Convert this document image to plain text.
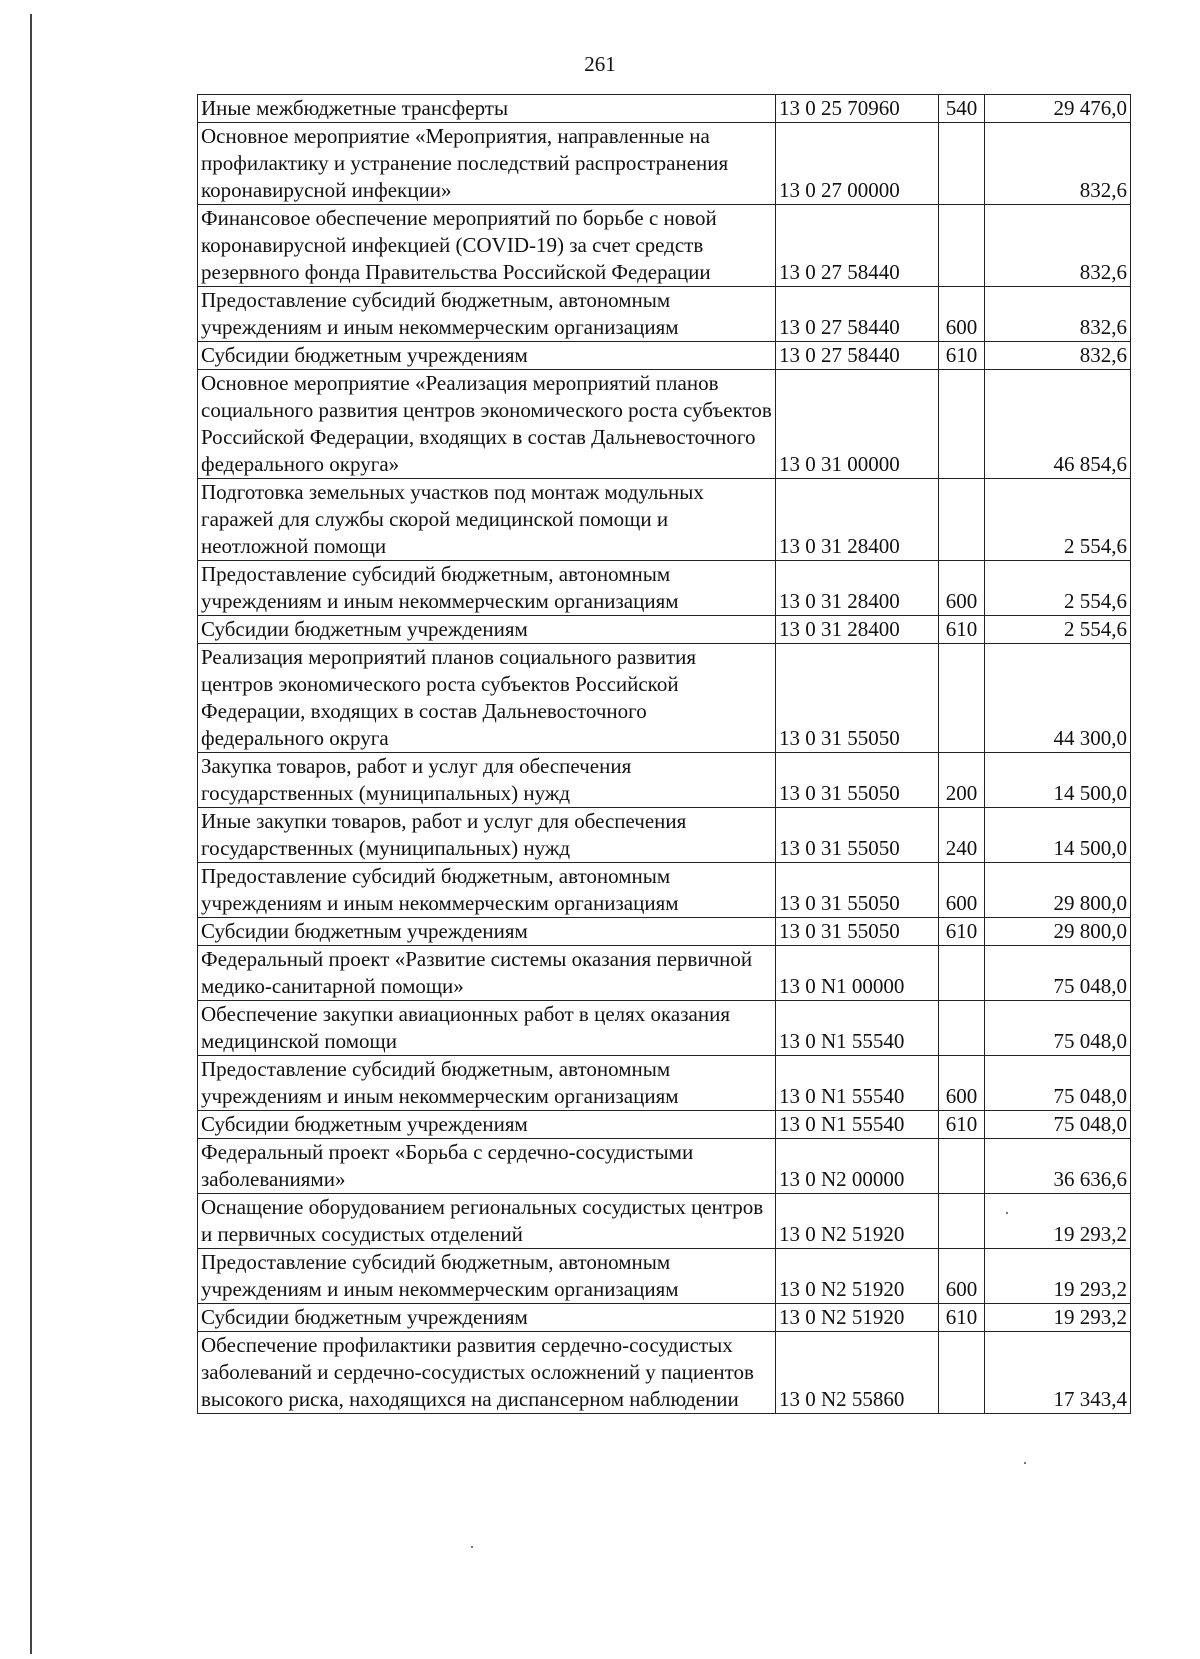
261
Иные межбюджетные трансферты	13 0 25 70960	540	29 476,0
Основное мероприятие «Мероприятия, направленные на профилактику и устранение последствий распространения коронавирусной инфекции»	13 0 27 00000		832,6
Финансовое обеспечение мероприятий по борьбе с новой коронавирусной инфекцией (COVID-19) за счет средств резервного фонда Правительства Российской Федерации	13 0 27 58440		832,6
Предоставление субсидий бюджетным, автономным учреждениям и иным некоммерческим организациям	13 0 27 58440	600	832,6
Субсидии бюджетным учреждениям	13 0 27 58440	610	832,6
Основное мероприятие «Реализация мероприятий планов социального развития центров экономического роста субъектов Российской Федерации, входящих в состав Дальневосточного федерального округа»	13 0 31 00000		46 854,6
Подготовка земельных участков под монтаж модульных гаражей для службы скорой медицинской помощи и неотложной помощи	13 0 31 28400		2 554,6
Предоставление субсидий бюджетным, автономным учреждениям и иным некоммерческим организациям	13 0 31 28400	600	2 554,6
Субсидии бюджетным учреждениям	13 0 31 28400	610	2 554,6
Реализация мероприятий планов социального развития центров экономического роста субъектов Российской Федерации, входящих в состав Дальневосточного федерального округа	13 0 31 55050		44 300,0
Закупка товаров, работ и услуг для обеспечения государственных (муниципальных) нужд	13 0 31 55050	200	14 500,0
Иные закупки товаров, работ и услуг для обеспечения государственных (муниципальных) нужд	13 0 31 55050	240	14 500,0
Предоставление субсидий бюджетным, автономным учреждениям и иным некоммерческим организациям	13 0 31 55050	600	29 800,0
Субсидии бюджетным учреждениям	13 0 31 55050	610	29 800,0
Федеральный проект «Развитие системы оказания первичной медико-санитарной помощи»	13 0 N1 00000		75 048,0
Обеспечение закупки авиационных работ в целях оказания медицинской помощи	13 0 N1 55540		75 048,0
Предоставление субсидий бюджетным, автономным учреждениям и иным некоммерческим организациям	13 0 N1 55540	600	75 048,0
Субсидии бюджетным учреждениям	13 0 N1 55540	610	75 048,0
Федеральный проект «Борьба с сердечно-сосудистыми заболеваниями»	13 0 N2 00000		36 636,6
Оснащение оборудованием региональных сосудистых центров и первичных сосудистых отделений	13 0 N2 51920		19 293,2
Предоставление субсидий бюджетным, автономным учреждениям и иным некоммерческим организациям	13 0 N2 51920	600	19 293,2
Субсидии бюджетным учреждениям	13 0 N2 51920	610	19 293,2
Обеспечение профилактики развития сердечно-сосудистых заболеваний и сердечно-сосудистых осложнений у пациентов высокого риска, находящихся на диспансерном наблюдении	13 0 N2 55860		17 343,4
